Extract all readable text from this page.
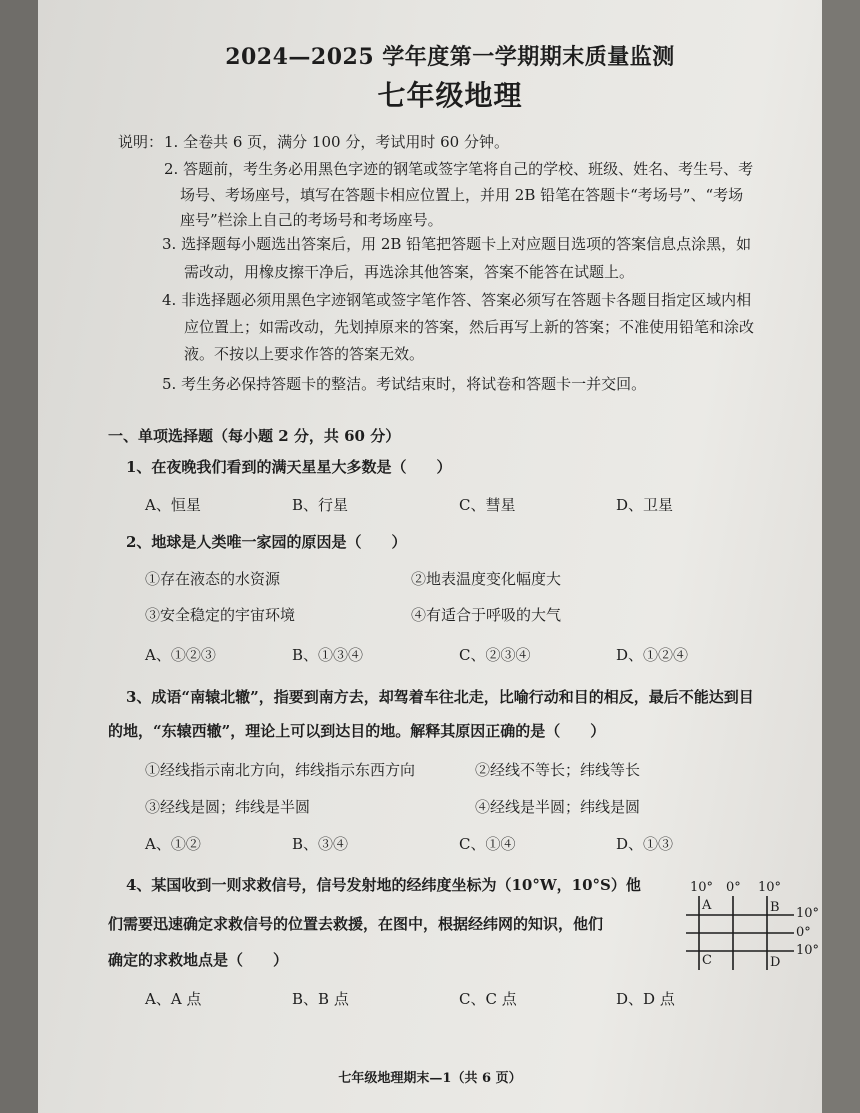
2024—2025 学年度第一学期期末质量监测
七年级地理
说明： 1. 全卷共 6 页，满分 100 分，考试用时 60 分钟。
2. 答题前，考生务必用黑色字迹的钢笔或签字笔将自己的学校、班级、姓名、考生号、考
场号、考场座号，填写在答题卡相应位置上，并用 2B 铅笔在答题卡“考场号”、“考场
座号”栏涂上自己的考场号和考场座号。
3. 选择题每小题选出答案后，用 2B 铅笔把答题卡上对应题目选项的答案信息点涂黑，如
需改动，用橡皮擦干净后，再选涂其他答案，答案不能答在试题上。
4. 非选择题必须用黑色字迹钢笔或签字笔作答、答案必须写在答题卡各题目指定区域内相
应位置上；如需改动，先划掉原来的答案，然后再写上新的答案；不准使用铅笔和涂改
液。不按以上要求作答的答案无效。
5. 考生务必保持答题卡的整洁。考试结束时，将试卷和答题卡一并交回。
一、单项选择题（每小题 2 分，共 60 分）
1、在夜晚我们看到的满天星星大多数是（　　）
A、恒星	B、行星	C、彗星	D、卫星
2、地球是人类唯一家园的原因是（　　）
①存在液态的水资源	②地表温度变化幅度大
③安全稳定的宇宙环境	④有适合于呼吸的大气
A、①②③	B、①③④	C、②③④	D、①②④
3、成语“南辕北辙”，指要到南方去，却驾着车往北走，比喻行动和目的相反，最后不能达到目
的地，“东辕西辙”，理论上可以到达目的地。解释其原因正确的是（　　）
①经线指示南北方向，纬线指示东西方向	②经线不等长；纬线等长
③经线是圆；纬线是半圆	④经线是半圆；纬线是圆
A、①②	B、③④	C、①④	D、①③
4、某国收到一则求救信号，信号发射地的经纬度坐标为（10°W，10°S）他
们需要迅速确定求救信号的位置去救援，在图中，根据经纬网的知识，他们
确定的求救地点是（　　）
A、A 点	B、B 点	C、C 点	D、D 点
10° 0° 10°
10°
0°
10°
A	B
C	D
七年级地理期末—1（共 6 页）
